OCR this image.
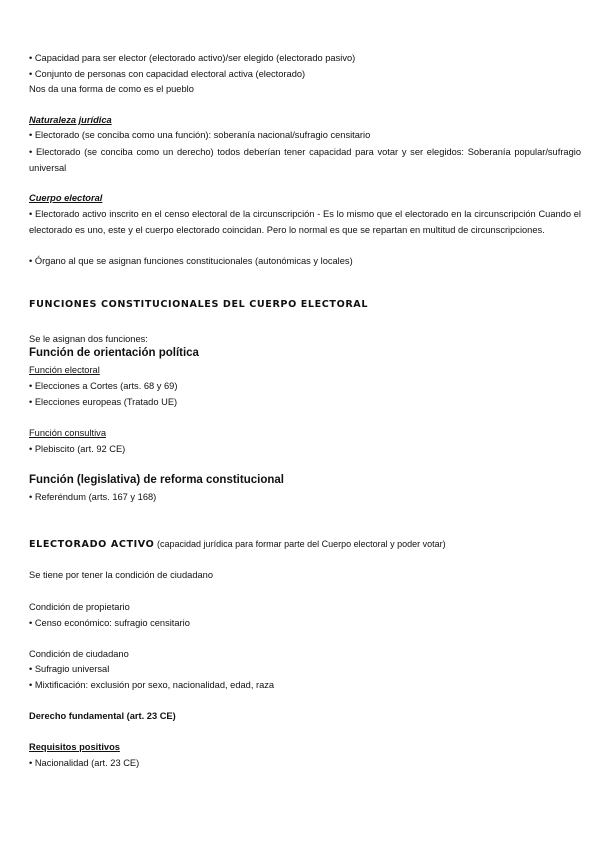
• Capacidad para ser elector (electorado activo)/ser elegido (electorado pasivo)
• Conjunto de personas con capacidad electoral activa (electorado)
Nos da una forma de como es el pueblo
Naturaleza jurídica
• Electorado (se conciba como una función): soberanía nacional/sufragio censitario
• Electorado (se conciba como un derecho) todos deberían tener capacidad para votar y ser elegidos: Soberanía popular/sufragio universal
Cuerpo electoral
• Electorado activo inscrito en el censo electoral de la circunscripción - Es lo mismo que el electorado en la circunscripción Cuando el electorado es uno, este y el cuerpo electorado coincidan. Pero lo normal es que se repartan en multitud de circunscripciones.
• Órgano al que se asignan funciones constitucionales (autonómicas y locales)
FUNCIONES CONSTITUCIONALES DEL CUERPO ELECTORAL
Se le asignan dos funciones:
Función de orientación política
Función electoral
• Elecciones a Cortes (arts. 68 y 69)
• Elecciones europeas (Tratado UE)
Función consultiva
• Plebiscito (art. 92 CE)
Función (legislativa) de reforma constitucional
• Referéndum (arts. 167 y 168)
ELECTORADO ACTIVO (capacidad jurídica para formar parte del Cuerpo electoral y poder votar)
Se tiene por tener la condición de ciudadano
Condición de propietario
• Censo económico: sufragio censitario
Condición de ciudadano
• Sufragio universal
• Mixtificación: exclusión por sexo, nacionalidad, edad, raza
Derecho fundamental (art. 23 CE)
Requisitos positivos
• Nacionalidad (art. 23 CE)
